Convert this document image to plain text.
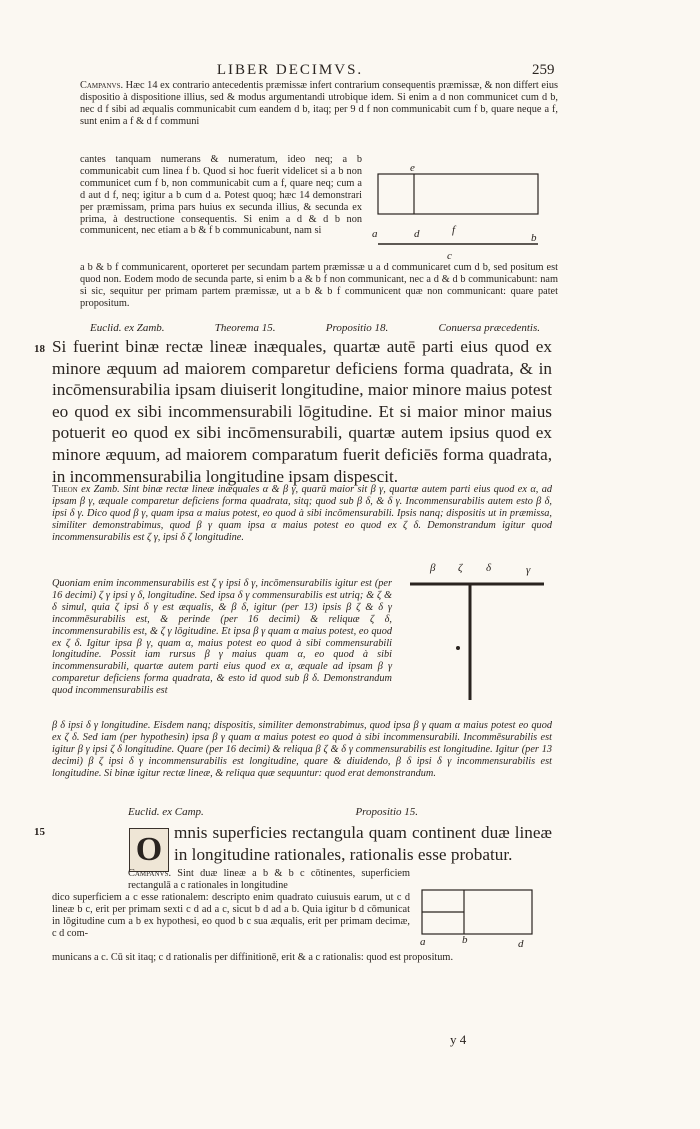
LIBER DECIMVS.	259

Campanvs. Hæc 14 ex contrario antecedentis præmissæ infert contrarium consequentis præmissæ, & non differt eius dispositio à dispositione illius, sed & modus argumentandi utrobique idem. Si enim a d non communicet cum d b, nec d f sibi ad æqualis communicabit cum eandem d b, itaq; per 9 d f non communicabit cum f b, quare neque a f, sunt enim a f & d f communi

cantes tanquam numerans & numeratum, ideo neq; a b communicabit cum linea f b. Quod si hoc fuerit videlicet si a b non communicet cum f b, non communicabit cum a f, quare neq; cum a d aut d f, neq; igitur a b cum d a. Potest quoq; hæc 14 demonstrari per præmissam, prima pars huius ex secunda illius, & secunda ex prima, à destructione consequentis. Si enim a d & d b non communicent, nec etiam a b & f b communicabunt, nam si

a b & b f communicarent, oporteret per secundam partem præmissæ u a d communicaret cum d b, sed positum est quod non. Eodem modo de secunda parte, si enim b a & b f non communicant, nec a d & d b communicabunt: nam si sic, sequitur per primam partem præmissæ, ut a b & b f communicent quæ non communicant: quare patet propositum.

e
a	d	f
b
c
Euclid. ex Zamb.	Theorema 15.	Propositio 18.	Conuersa præcedentis.
18 Si fuerint binæ rectæ lineæ inæquales, quartæ autē parti eius quod ex minore æquum ad maiorem comparetur deficiens forma quadrata, & in incōmensurabilia ipsam diuiserit longitudine, maior minore maius potest eo quod ex sibi incommensurabili lōgitudine. Et si maior minor maius potuerit eo quod ex sibi incōmensurabili, quartæ autem ipsius quod ex minore æquum, ad maiorem comparatum fuerit deficiēs forma quadrata, in incommensurabilia longitudine ipsam dispescit.

Theon ex Zamb. Sint binæ rectæ lineæ inæquales α & β γ, quarū maior sit β γ, quartæ autem parti eius quod ex α, ad ipsam β γ, æquale comparetur deficiens forma quadrata, sitq; quod sub β δ, & δ γ. Incommensurabilis autem esto β δ, ipsi δ γ. Dico quod β γ, quam ipsa α maius potest, eo quod à sibi incōmensurabili. Ipsis nanq; dispositis ut in præmissa, similiter demonstrabimus, quod β γ quam ipsa α maius potest eo quod ex ζ δ. Demonstrandum igitur quod incommensurabilis est ζ γ, ipsi δ ζ longitudine.

Quoniam enim incommensurabilis est ζ γ ipsi δ γ, incōmensurabilis igitur est (per 16 decimi) ζ γ ipsi γ δ, longitudine. Sed ipsa δ γ commensurabilis est utriq; & ζ & δ simul, quia ζ ipsi δ γ est æqualis, & β δ, igitur (per 13) ipsis β ζ & δ γ incommēsurabilis est, & perinde (per 16 decimi) & reliquæ ζ δ, incommensurabilis est, & ζ γ lōgitudine. Et ipsa β γ quam α maius potest, eo quod ex ζ δ. Igitur ipsa β γ, quam α, maius potest eo quod à sibi commensurabili longitudine. Possit iam rursus β γ maius quam α, eo quod à sibi incommensurabili, quartæ autem parti eius quod ex α, æquale ad ipsam β γ comparetur deficiens forma quadrata, & esto id quod sub β δ. Demonstrandum quod incommensurabilis est

β δ ipsi δ γ longitudine. Eisdem nanq; dispositis, similiter demonstrabimus, quod ipsa β γ quam α maius potest eo quod ex ζ δ. Sed iam (per hypothesin) ipsa β γ quam α maius potest eo quod à sibi incommensurabili. Incommēsurabilis est igitur β γ ipsi ζ δ longitudine. Quare (per 16 decimi) & reliqua β ζ & δ γ commensurabilis est longitudine. Igitur (per 13 decimi) β ζ ipsi δ γ incommensurabilis est longitudine, quare & diuidendo, β δ ipsi δ γ incommensurabilis est longitudine. Si binæ igitur rectæ lineæ, & reliqua quæ sequuntur: quod erat demonstrandum.

β ζ δ	γ
Euclid. ex Camp.	Propositio 15.
15	O mnis superficies rectangula quam continent duæ lineæ in longitudine rationales, rationalis esse probatur.

Campanvs. Sint duæ lineæ a b & b c cōtinentes, superficiem rectangulā a c rationales in longitudine

dico superficiem a c esse rationalem: descripto enim quadrato cuiusuis earum, ut c d lineæ b c, erit per primam sexti c d ad a c, sicut b d ad a b. Quia igitur b d cōmunicat in lōgitudine cum a b ex hypothesi, eo quod b c sua æqualis, erit per primam decimæ, c d com-

municans a c. Cū sit itaq; c d rationalis per diffinitionē, erit & a c rationalis: quod est propositum.

a	b	d
y 4
